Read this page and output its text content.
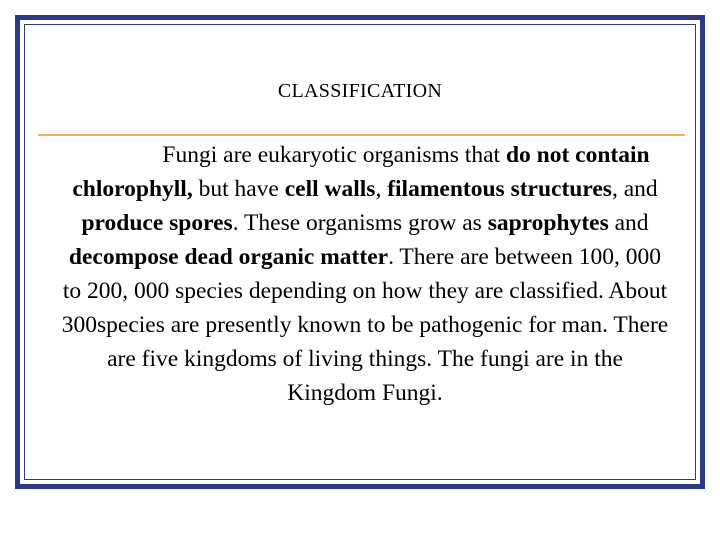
CLASSIFICATION
Fungi are eukaryotic organisms that do not contain chlorophyll, but have cell walls, filamentous structures, and produce spores. These organisms grow as saprophytes and decompose dead organic matter. There are between 100, 000 to 200, 000 species depending on how they are classified. About 300species are presently known to be pathogenic for man. There are five kingdoms of living things. The fungi are in the Kingdom Fungi.
